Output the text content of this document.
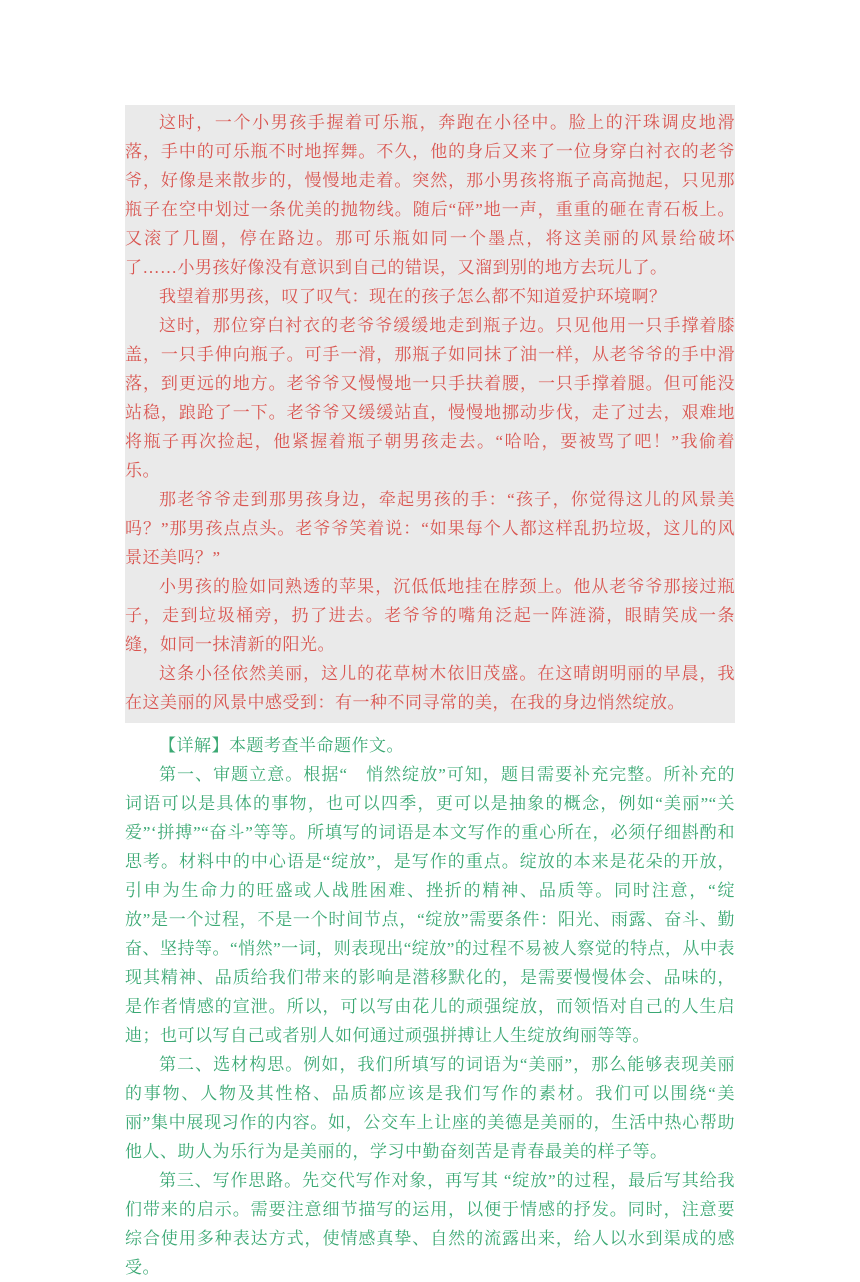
这时，一个小男孩手握着可乐瓶，奔跑在小径中。脸上的汗珠调皮地滑落，手中的可乐瓶不时地挥舞。不久，他的身后又来了一位身穿白衬衣的老爷爷，好像是来散步的，慢慢地走着。突然，那小男孩将瓶子高高抛起，只见那瓶子在空中划过一条优美的抛物线。随后“砰”地一声，重重的砸在青石板上。又滚了几圈，停在路边。那可乐瓶如同一个墨点，将这美丽的风景给破坏了……小男孩好像没有意识到自己的错误，又溜到别的地方去玩儿了。

我望着那男孩，叹了叹气：现在的孩子怎么都不知道爱护环境啊？

这时，那位穿白衬衣的老爷爷缓缓地走到瓶子边。只见他用一只手撑着膝盖，一只手伸向瓶子。可手一滑，那瓶子如同抹了油一样，从老爷爷的手中滑落，到更远的地方。老爷爷又慢慢地一只手扶着腰，一只手撑着腿。但可能没站稳，踉跄了一下。老爷爷又缓缓站直，慢慢地挪动步伐，走了过去，艰难地将瓶子再次捡起，他紧握着瓶子朝男孩走去。“哈哈，要被骂了吧！”我偷着乐。

那老爷爷走到那男孩身边，牵起男孩的手：“孩子，你觉得这儿的风景美吗？”那男孩点点头。老爷爷笑着说：“如果每个人都这样乱扔垃圾，这儿的风景还美吗？”

小男孩的脸如同熟透的苹果，沉低低地挂在脖颈上。他从老爷爷那接过瓶子，走到垃圾桶旁，扔了进去。老爷爷的嘴角泛起一阵涟漪，眼睛笑成一条缝，如同一抹清新的阳光。

这条小径依然美丽，这儿的花草树木依旧茂盛。在这晴朗明丽的早晨，我在这美丽的风景中感受到：有一种不同寻常的美，在我的身边悄然绽放。

【详解】本题考查半命题作文。

第一、审题立意。根据“　悄然绽放”可知，题目需要补充完整。所补充的词语可以是具体的事物，也可以四季，更可以是抽象的概念，例如“美丽”“关爱”‘拼搏”“奋斗”等等。所填写的词语是本文写作的重心所在，必须仔细斟酌和思考。材料中的中心语是“绽放”，是写作的重点。绽放的本来是花朵的开放，引申为生命力的旺盛或人战胜困难、挫折的精神、品质等。同时注意，“绽放”是一个过程，不是一个时间节点，“绽放”需要条件：阳光、雨露、奋斗、勤奋、坚持等。“悄然”一词，则表现出“绽放”的过程不易被人察觉的特点，从中表现其精神、品质给我们带来的影响是潜移默化的，是需要慢慢体会、品味的，是作者情感的宣泄。所以，可以写由花儿的顽强绽放，而领悟对自己的人生启迪；也可以写自己或者别人如何通过顽强拼搏让人生绽放绚丽等等。

第二、选材构思。例如，我们所填写的词语为“美丽”，那么能够表现美丽的事物、人物及其性格、品质都应该是我们写作的素材。我们可以围绕“美丽”集中展现习作的内容。如，公交车上让座的美德是美丽的，生活中热心帮助他人、助人为乐行为是美丽的，学习中勤奋刻苦是青春最美的样子等。

第三、写作思路。先交代写作对象，再写其 “绽放”的过程，最后写其给我们带来的启示。需要注意细节描写的运用，以便于情感的抒发。同时，注意要综合使用多种表达方式，使情感真挚、自然的流露出来，给人以水到渠成的感受。
